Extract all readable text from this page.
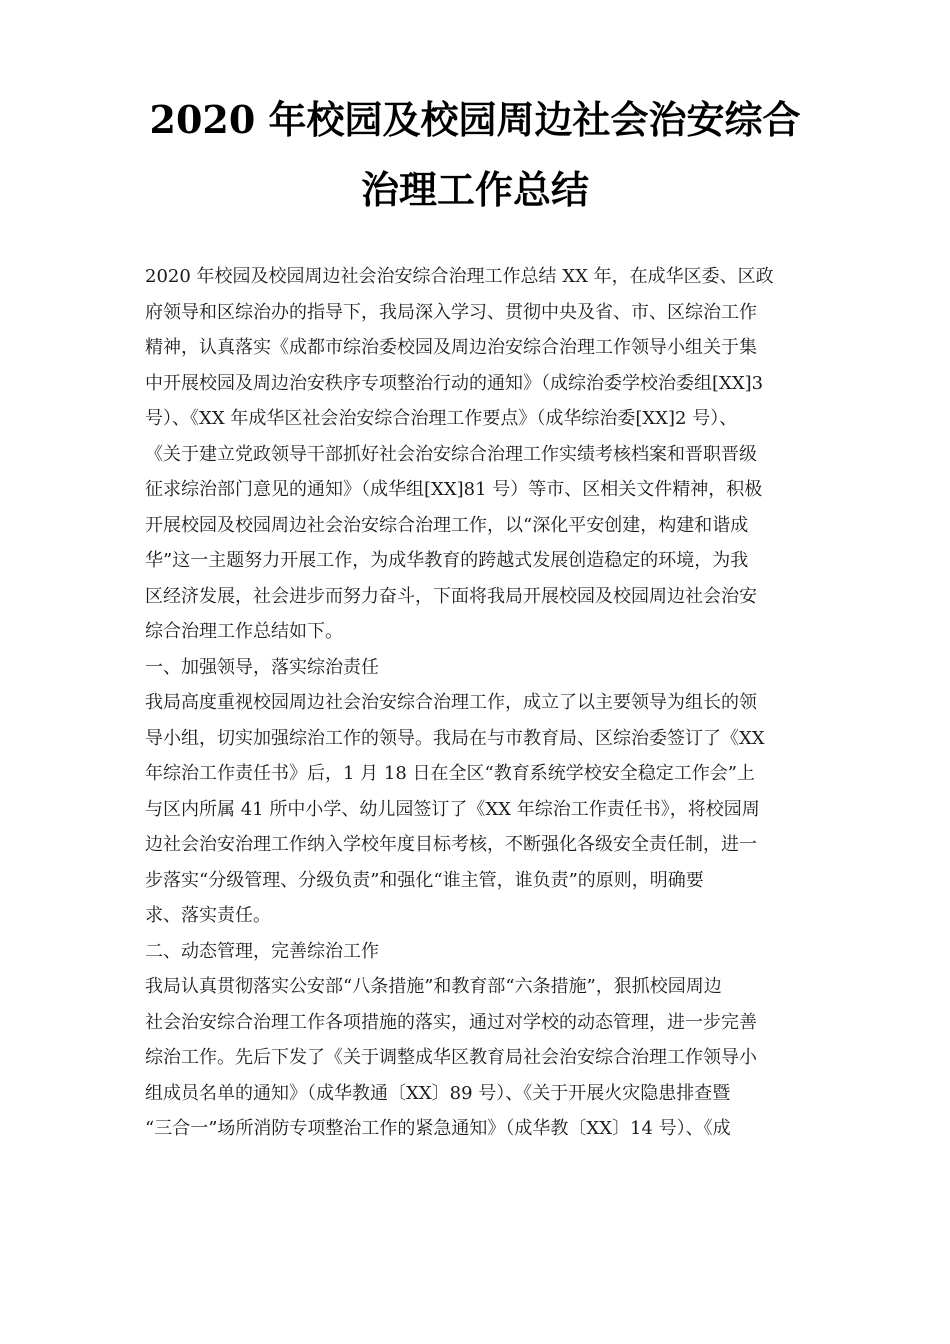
2020 年校园及校园周边社会治安综合
治理工作总结
2020 年校园及校园周边社会治安综合治理工作总结 XX 年，在成华区委、区政
府领导和区综治办的指导下，我局深入学习、贯彻中央及省、市、区综治工作
精神，认真落实《成都市综治委校园及周边治安综合治理工作领导小组关于集
中开展校园及周边治安秩序专项整治行动的通知》（成综治委学校治委组[XX]3
号）、《XX 年成华区社会治安综合治理工作要点》（成华综治委[XX]2 号）、
《关于建立党政领导干部抓好社会治安综合治理工作实绩考核档案和晋职晋级
征求综治部门意见的通知》（成华组[XX]81 号）等市、区相关文件精神，积极
开展校园及校园周边社会治安综合治理工作，以“深化平安创建，构建和谐成
华”这一主题努力开展工作，为成华教育的跨越式发展创造稳定的环境，为我
区经济发展，社会进步而努力奋斗，下面将我局开展校园及校园周边社会治安
综合治理工作总结如下。
一、加强领导，落实综治责任
我局高度重视校园周边社会治安综合治理工作，成立了以主要领导为组长的领
导小组，切实加强综治工作的领导。我局在与市教育局、区综治委签订了《XX
年综治工作责任书》后，1 月 18 日在全区“教育系统学校安全稳定工作会”上
与区内所属 41 所中小学、幼儿园签订了《XX 年综治工作责任书》，将校园周
边社会治安治理工作纳入学校年度目标考核，不断强化各级安全责任制，进一
步落实“分级管理、分级负责”和强化“谁主管，谁负责”的原则，明确要
求、落实责任。
二、动态管理，完善综治工作
我局认真贯彻落实公安部“八条措施”和教育部“六条措施”，狠抓校园周边
社会治安综合治理工作各项措施的落实，通过对学校的动态管理，进一步完善
综治工作。先后下发了《关于调整成华区教育局社会治安综合治理工作领导小
组成员名单的通知》（成华教通〔XX〕89 号）、《关于开展火灾隐患排查暨
“三合一”场所消防专项整治工作的紧急通知》（成华教〔XX〕14 号）、《成
